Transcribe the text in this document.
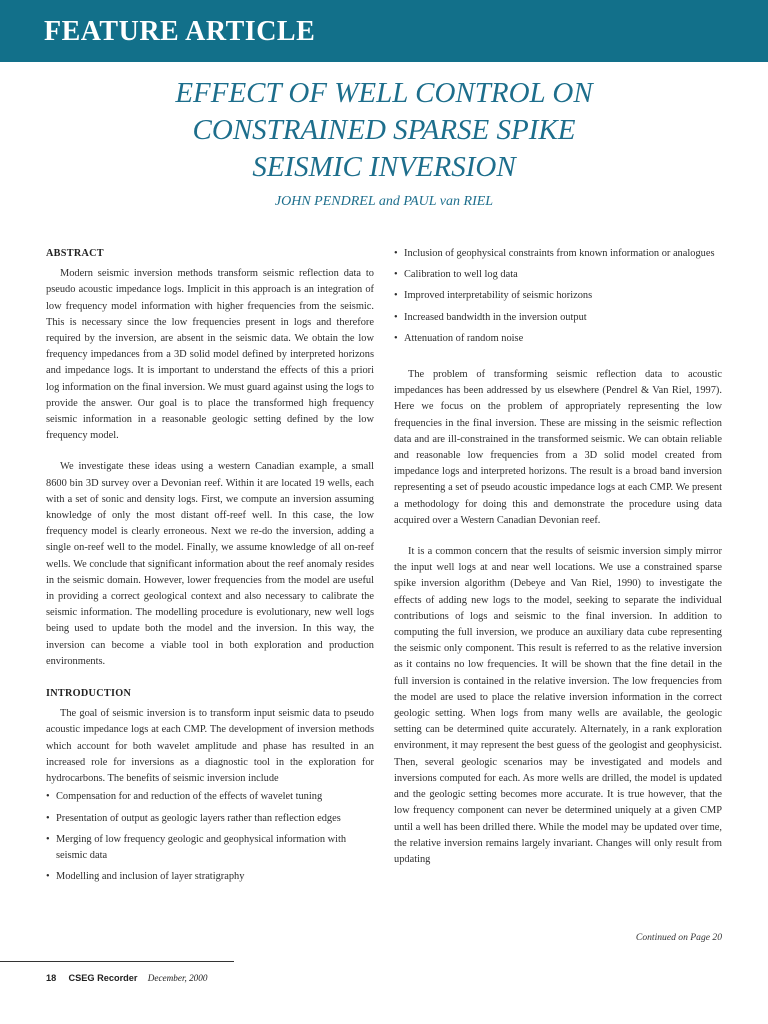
FEATURE ARTICLE
EFFECT OF WELL CONTROL ON
CONSTRAINED SPARSE SPIKE
SEISMIC INVERSION
JOHN PENDREL and PAUL van RIEL
ABSTRACT

Modern seismic inversion methods transform seismic reflection data to pseudo acoustic impedance logs. Implicit in this approach is an integration of low frequency model information with higher frequencies from the seismic. This is necessary since the low frequencies present in logs and therefore required by the inversion, are absent in the seismic data. We obtain the low frequency impedances from a 3D solid model defined by interpreted horizons and impedance logs. It is important to understand the effects of this a priori log information on the final inversion. We must guard against using the logs to provide the answer. Our goal is to place the transformed high frequency seismic information in a reasonable geologic setting defined by the low frequency model.

We investigate these ideas using a western Canadian example, a small 8600 bin 3D survey over a Devonian reef. Within it are located 19 wells, each with a set of sonic and density logs. First, we compute an inversion assuming knowledge of only the most distant off-reef well. In this case, the low frequency model is clearly erroneous. Next we re-do the inversion, adding a single on-reef well to the model. Finally, we assume knowledge of all on-reef wells. We conclude that significant information about the reef anomaly resides in the seismic domain. However, lower frequencies from the model are useful in providing a correct geological context and also necessary to calibrate the seismic information. The modelling procedure is evolutionary, new well logs being used to update both the model and the inversion. In this way, the inversion can become a viable tool in both exploration and production environments.

INTRODUCTION

The goal of seismic inversion is to transform input seismic data to pseudo acoustic impedance logs at each CMP. The development of inversion methods which account for both wavelet amplitude and phase has resulted in an increased role for inversions as a diagnostic tool in the exploration for hydrocarbons. The benefits of seismic inversion include

• Compensation for and reduction of the effects of wavelet tuning
• Presentation of output as geologic layers rather than reflection edges
• Merging of low frequency geologic and geophysical information with seismic data
• Modelling and inclusion of layer stratigraphy
• Inclusion of geophysical constraints from known information or analogues
• Calibration to well log data
• Improved interpretability of seismic horizons
• Increased bandwidth in the inversion output
• Attenuation of random noise

The problem of transforming seismic reflection data to acoustic impedances has been addressed by us elsewhere (Pendrel & Van Riel, 1997). Here we focus on the problem of appropriately representing the low frequencies in the final inversion. These are missing in the seismic reflection data and are ill-constrained in the transformed seismic. We can obtain reliable and reasonable low frequencies from a 3D solid model created from impedance logs and interpreted horizons. The result is a broad band inversion representing a set of pseudo acoustic impedance logs at each CMP. We present a methodology for doing this and demonstrate the procedure using data acquired over a Western Canadian Devonian reef.

It is a common concern that the results of seismic inversion simply mirror the input well logs at and near well locations. We use a constrained sparse spike inversion algorithm (Debeye and Van Riel, 1990) to investigate the effects of adding new logs to the model, seeking to separate the individual contributions of logs and seismic to the final inversion. In addition to computing the full inversion, we produce an auxiliary data cube representing the seismic only component. This result is referred to as the relative inversion as it contains no low frequencies. It will be shown that the fine detail in the full inversion is contained in the relative inversion. The low frequencies from the model are used to place the relative inversion information in the correct geologic setting. When logs from many wells are available, the geologic setting can be determined quite accurately. Alternately, in a rank exploration environment, it may represent the best guess of the geologist and geophysicist. Then, several geologic scenarios may be investigated and models and inversions computed for each. As more wells are drilled, the model is updated and the geologic setting becomes more accurate. It is true however, that the low frequency component can never be determined uniquely at a given CMP until a well has been drilled there. While the model may be updated over time, the relative inversion remains largely invariant. Changes will only result from updating

Continued on Page 20
18 CSEG Recorder December, 2000
